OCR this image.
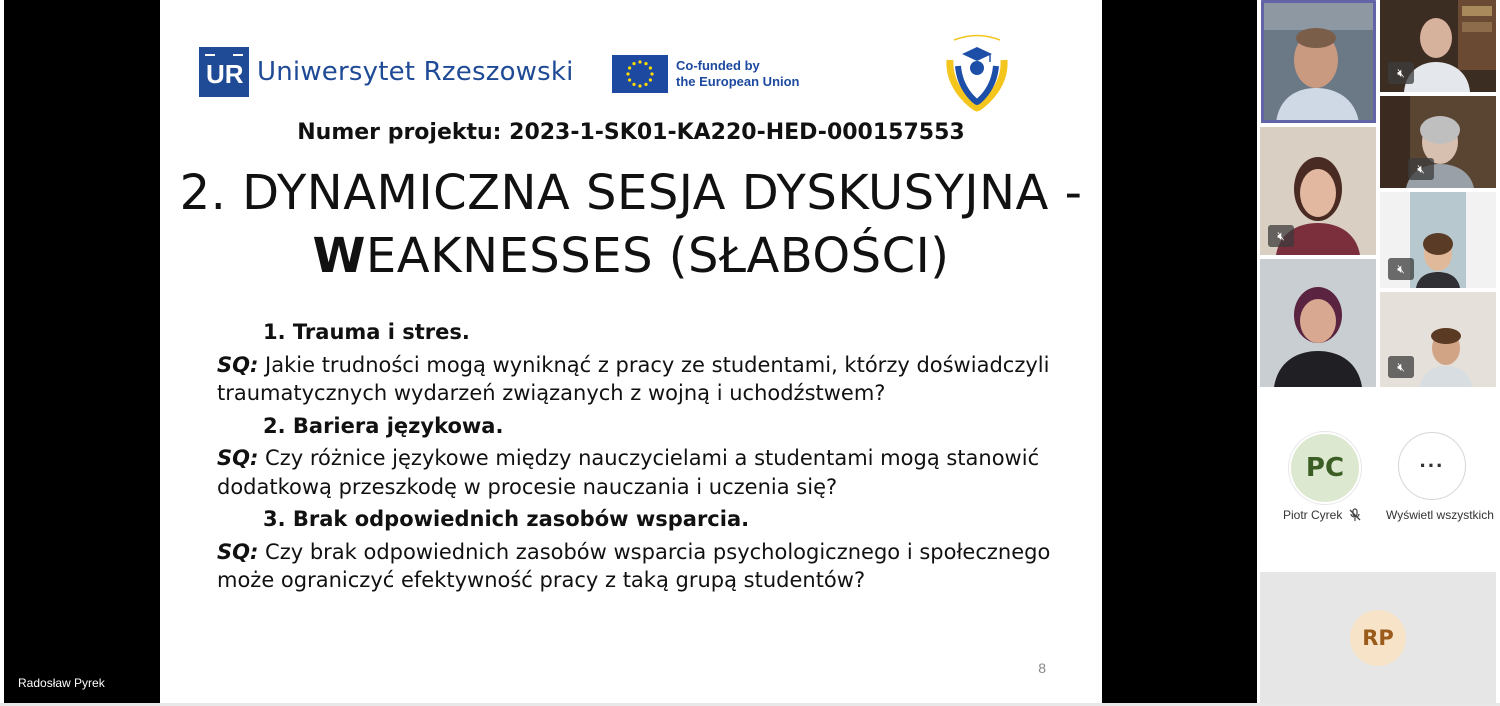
UR Uniwersytet Rzeszowski	Co-funded by
the European Union
Numer projektu: 2023-1-SK01-KA220-HED-000157553
2. DYNAMICZNA SESJA DYSKUSYJNA -
WEAKNESSES (SŁABOŚCI)
1. Trauma i stres.
SQ: Jakie trudności mogą wyniknąć z pracy ze studentami, którzy doświadczyli traumatycznych wydarzeń związanych z wojną i uchodźstwem?
2. Bariera językowa.
SQ: Czy różnice językowe między nauczycielami a studentami mogą stanowić dodatkową przeszkodę w procesie nauczania i uczenia się?
3. Brak odpowiednich zasobów wsparcia.
SQ: Czy brak odpowiednich zasobów wsparcia psychologicznego i społecznego może ograniczyć efektywność pracy z taką grupą studentów?
8
Radosław Pyrek
🔇︎
🔇︎
🔇︎
🔇︎
🔇︎
PC	···
Piotr Cyrek	Wyświetl wszystkich
RP
